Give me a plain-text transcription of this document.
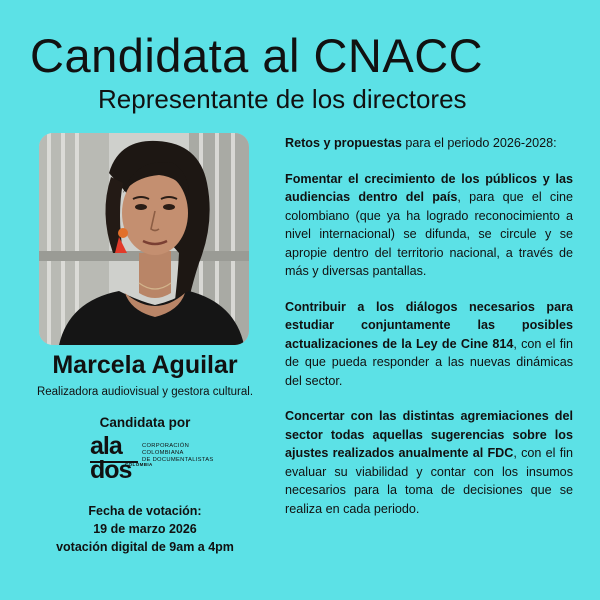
Candidata al CNACC
Representante de los directores
Marcela Aguilar
Realizadora audiovisual y gestora cultural.
Candidata por
ala
dos
COLOMBIA
CORPORACIÓN
COLOMBIANA
DE DOCUMENTALISTAS
Fecha de votación:
19 de marzo 2026
votación digital de 9am a 4pm

Retos y propuestas para el periodo 2026-2028:

Fomentar el crecimiento de los públicos y las audiencias dentro del país, para que el cine colombiano (que ya ha logrado reconocimiento a nivel internacional) se difunda, se circule y se apropie dentro del territorio nacional, a través de más y diversas pantallas.

Contribuir a los diálogos necesarios para estudiar conjuntamente las posibles actualizaciones de la Ley de Cine 814, con el fin de que pueda responder a las nuevas dinámicas del sector.

Concertar con las distintas agremiaciones del sector todas aquellas sugerencias sobre los ajustes realizados anualmente al FDC, con el fin evaluar su viabilidad y contar con los insumos necesarios para la toma de decisiones que se realiza en cada periodo.
